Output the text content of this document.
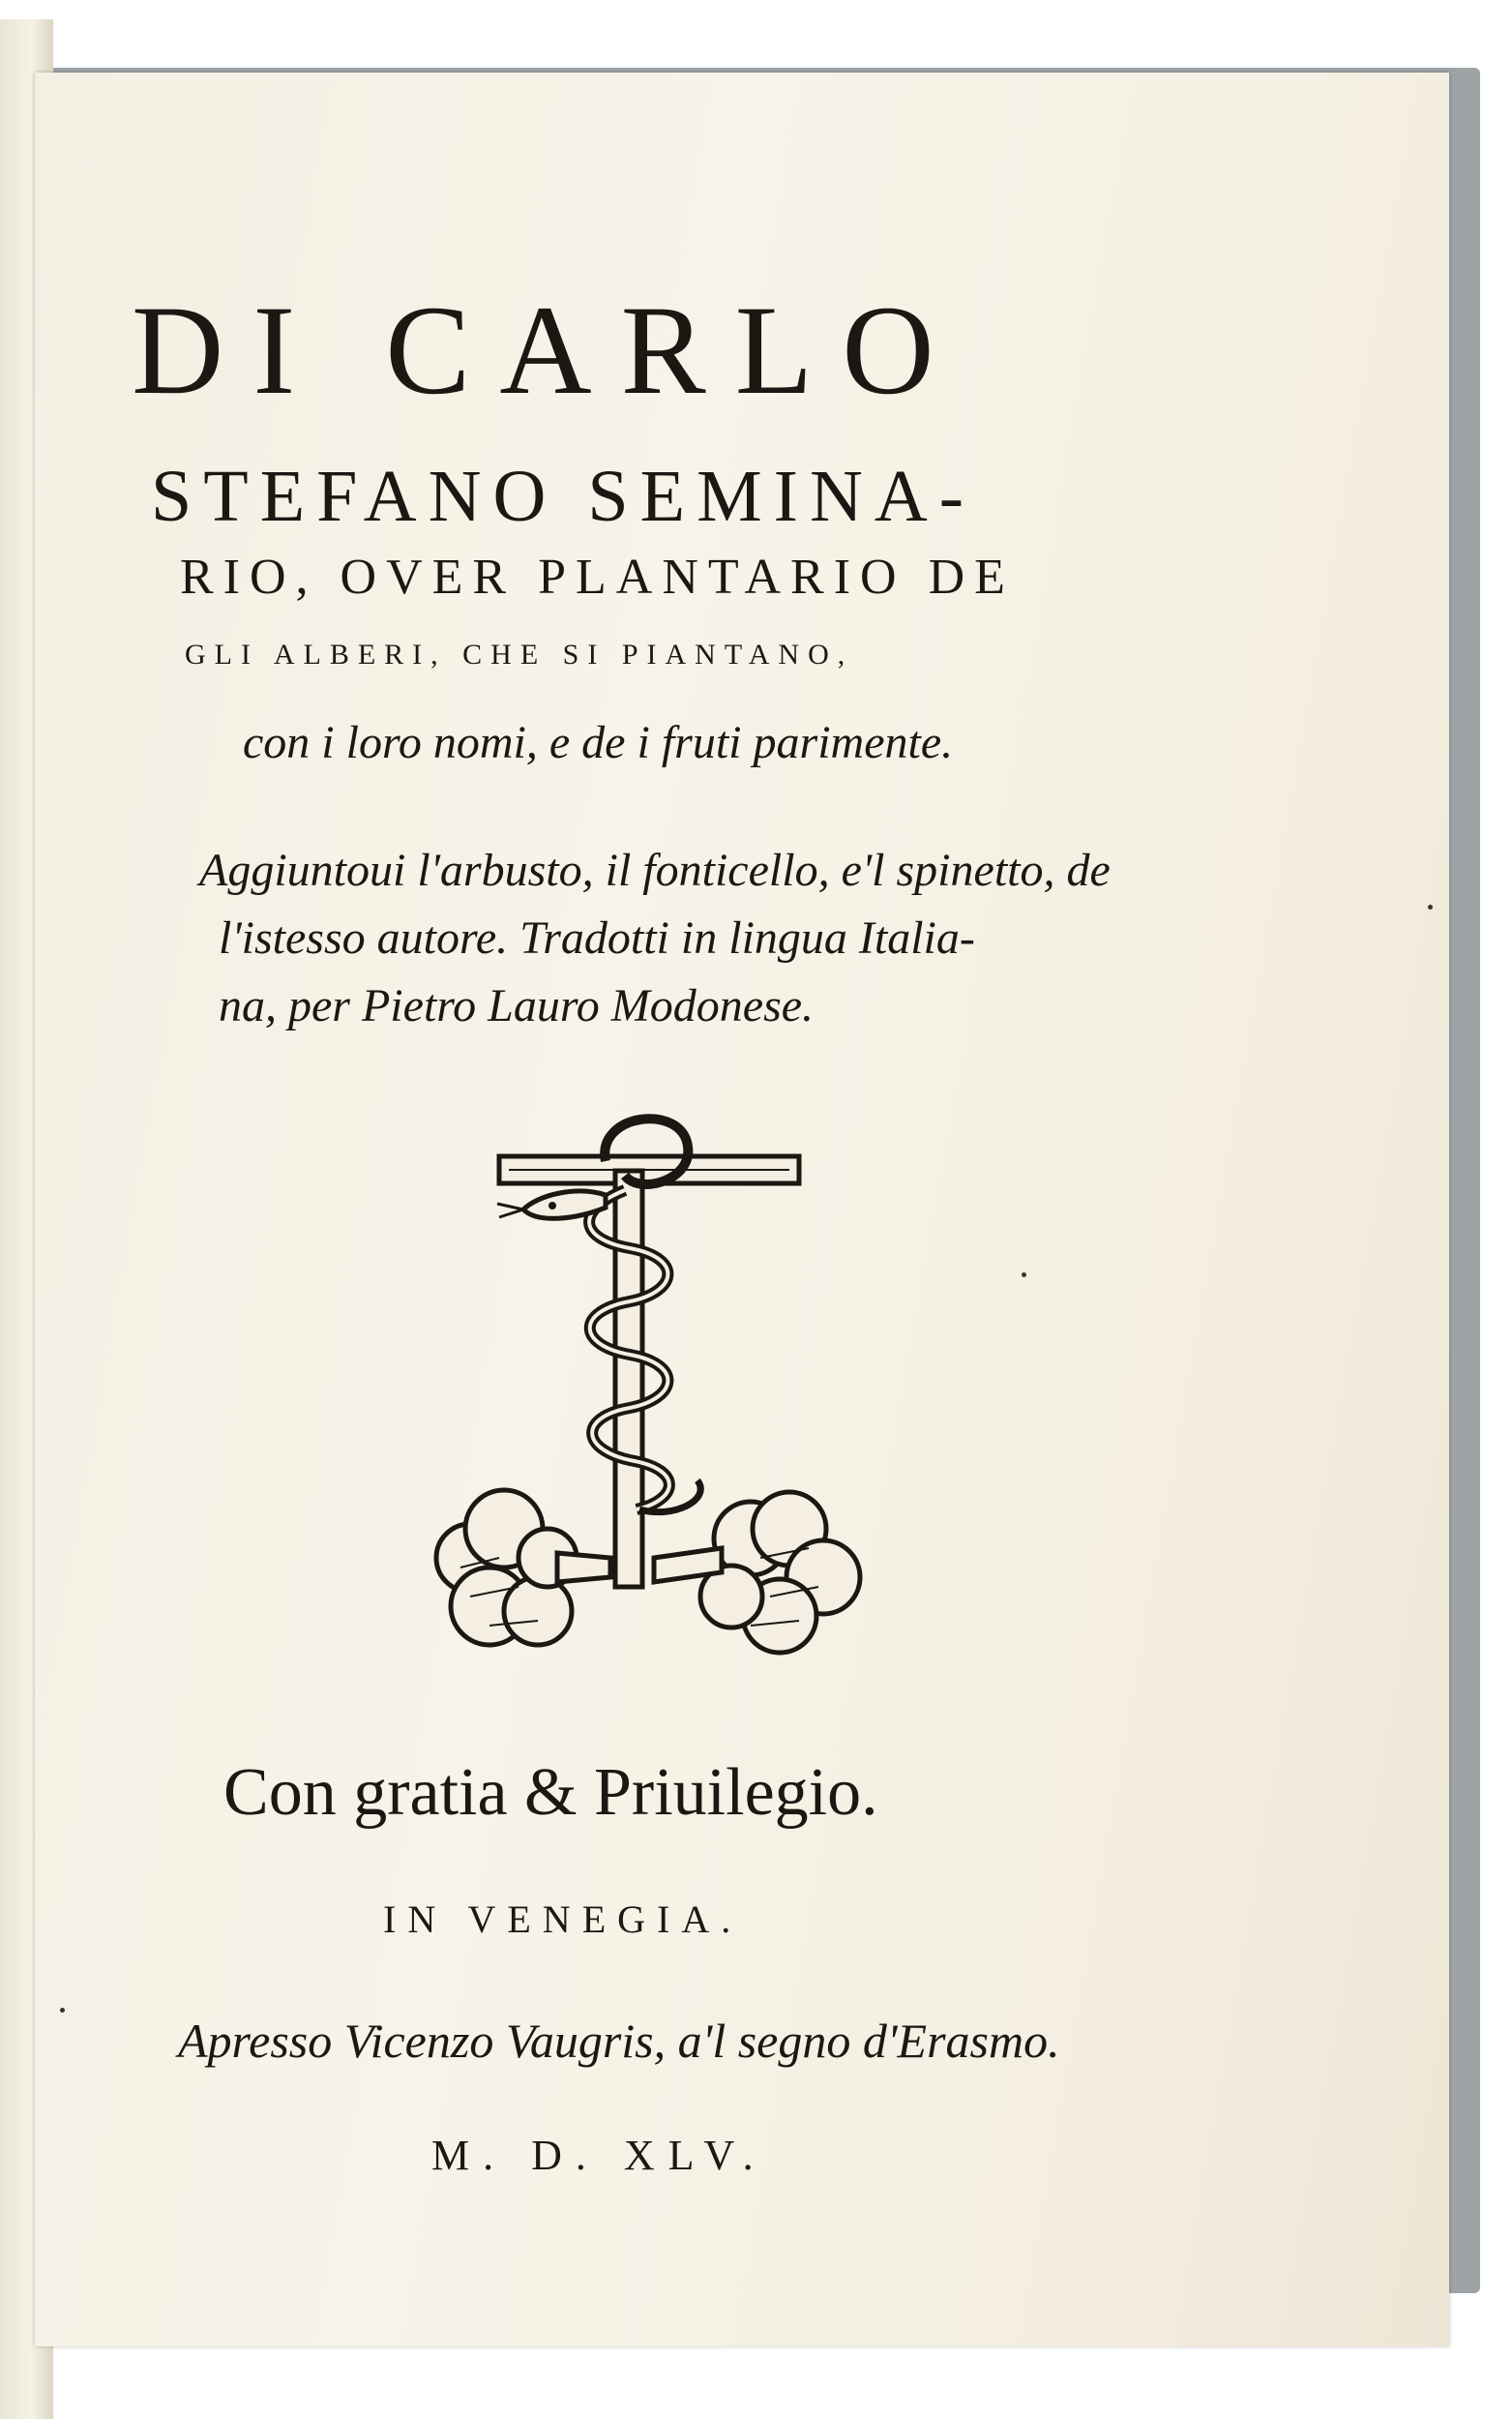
DI CARLO
STEFANO SEMINA-
RIO, OVER PLANTARIO DE
GLI ALBERI, CHE SI PIANTANO,
con i loro nomi, e de i fruti parimente.
Aggiuntoui l'arbusto, il fonticello, e'l spinetto, de
l'istesso autore. Tradotti in lingua Italia-
na, per Pietro Lauro Modonese.
Con gratia & Priuilegio.
IN VENEGIA.
Apresso Vicenzo Vaugris, a'l segno d'Erasmo.
M. D. XLV.
